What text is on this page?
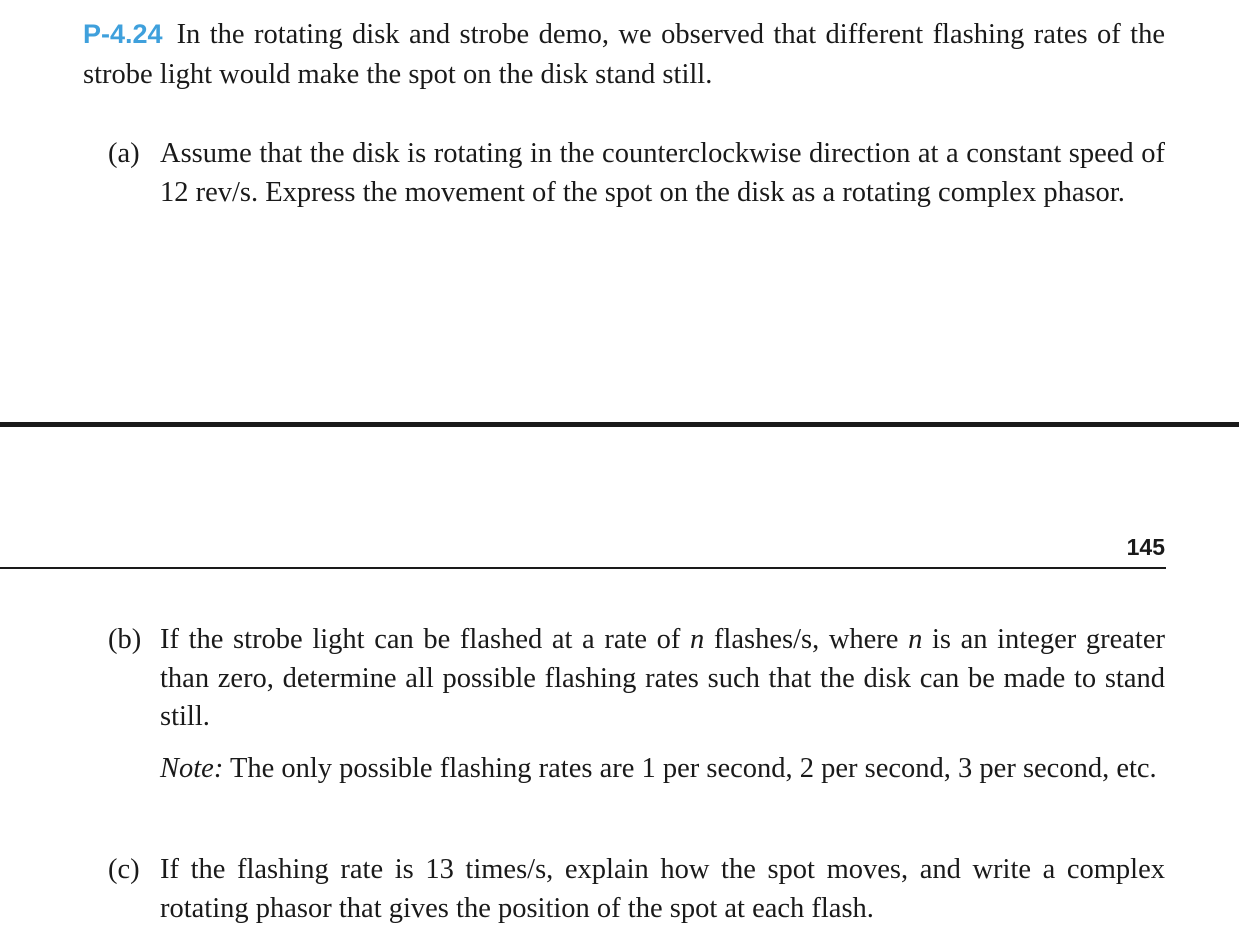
P-4.24 In the rotating disk and strobe demo, we observed that different flashing rates of the strobe light would make the spot on the disk stand still.
(a) Assume that the disk is rotating in the counterclockwise direction at a constant speed of 12 rev/s. Express the movement of the spot on the disk as a rotating complex phasor.
145
(b) If the strobe light can be flashed at a rate of n flashes/s, where n is an integer greater than zero, determine all possible flashing rates such that the disk can be made to stand still.
Note: The only possible flashing rates are 1 per second, 2 per second, 3 per second, etc.
(c) If the flashing rate is 13 times/s, explain how the spot moves, and write a complex rotating phasor that gives the position of the spot at each flash.
